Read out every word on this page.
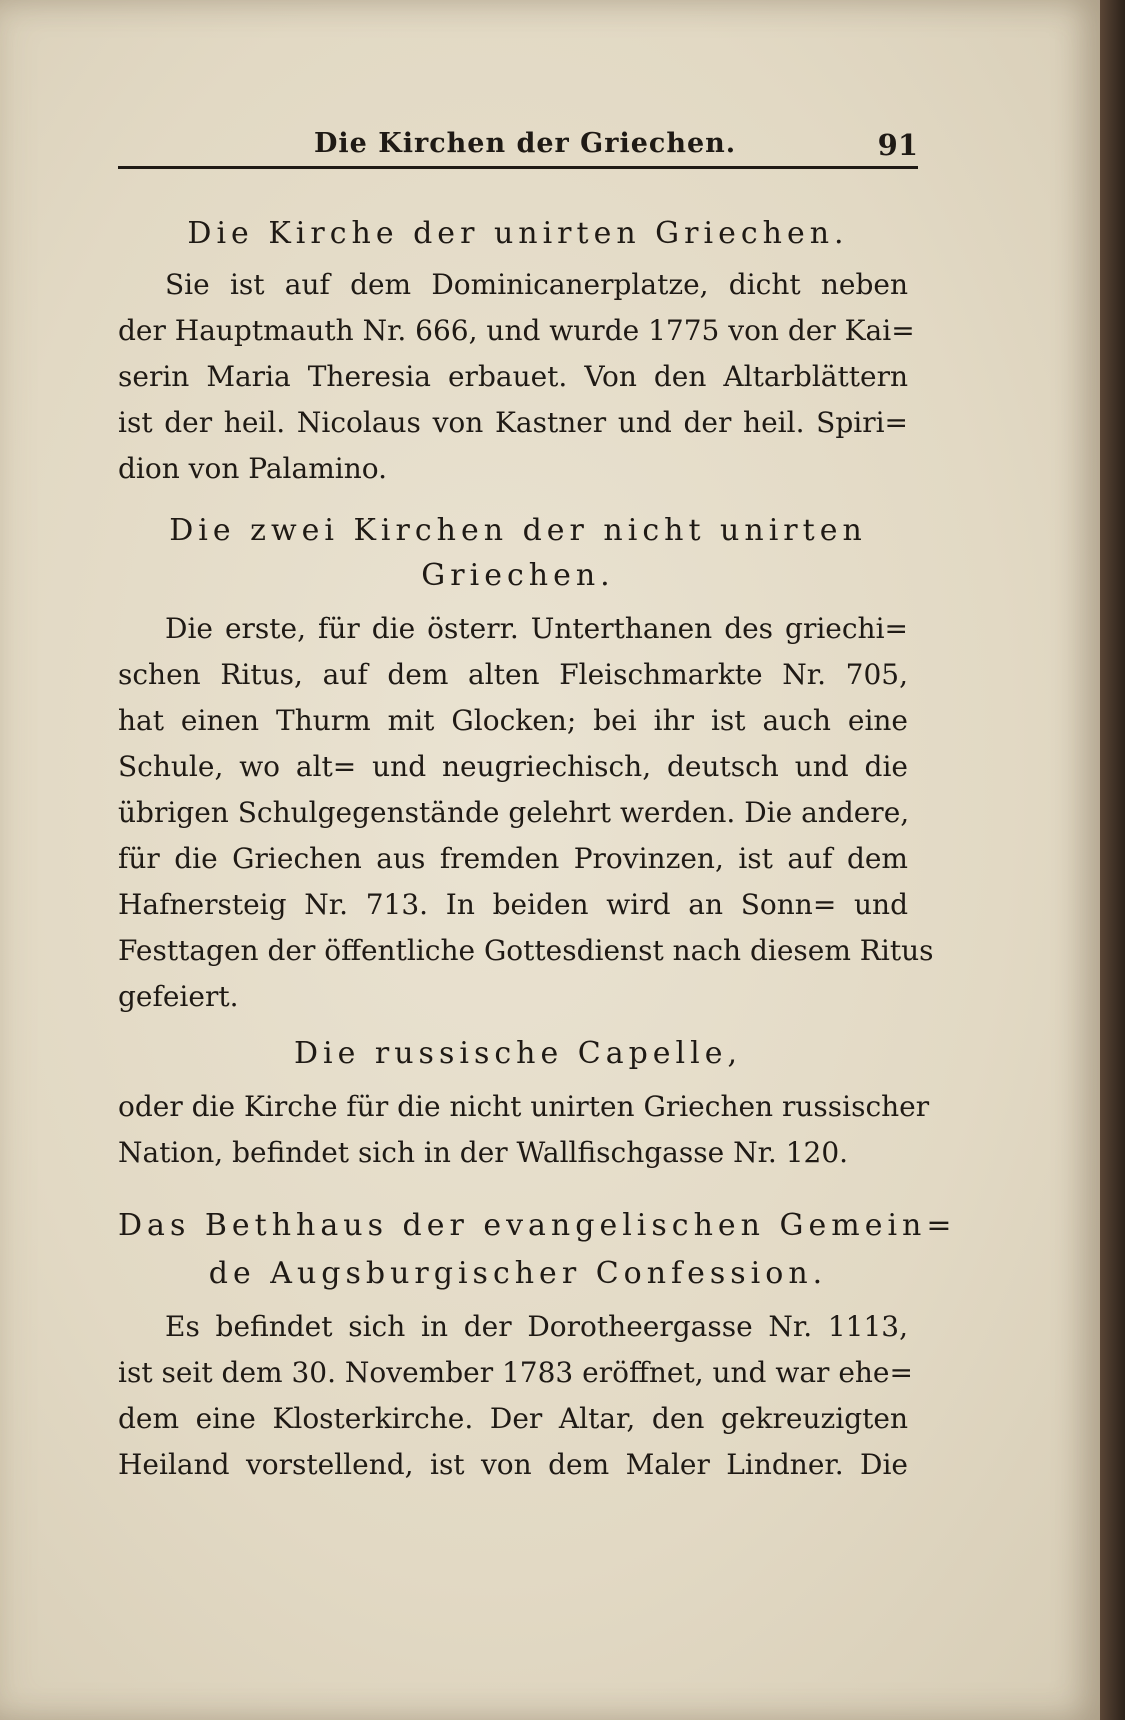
Die Kirchen der Griechen.	91
Die Kirche der unirten Griechen.
Sie ist auf dem Dominicanerplatze, dicht neben
der Hauptmauth Nr. 666, und wurde 1775 von der Kai=
serin Maria Theresia erbauet. Von den Altarblättern
ist der heil. Nicolaus von Kastner und der heil. Spiri=
dion von Palamino.
Die zwei Kirchen der nicht unirten
Griechen.
Die erste, für die österr. Unterthanen des griechi=
schen Ritus, auf dem alten Fleischmarkte Nr. 705,
hat einen Thurm mit Glocken; bei ihr ist auch eine
Schule, wo alt= und neugriechisch, deutsch und die
übrigen Schulgegenstände gelehrt werden. Die andere,
für die Griechen aus fremden Provinzen, ist auf dem
Hafnersteig Nr. 713. In beiden wird an Sonn= und
Festtagen der öffentliche Gottesdienst nach diesem Ritus
gefeiert.
Die russische Capelle,
oder die Kirche für die nicht unirten Griechen russischer
Nation, befindet sich in der Wallfischgasse Nr. 120.
Das Bethhaus der evangelischen Gemein=
de Augsburgischer Confession.
Es befindet sich in der Dorotheergasse Nr. 1113,
ist seit dem 30. November 1783 eröffnet, und war ehe=
dem eine Klosterkirche. Der Altar, den gekreuzigten
Heiland vorstellend, ist von dem Maler Lindner. Die
